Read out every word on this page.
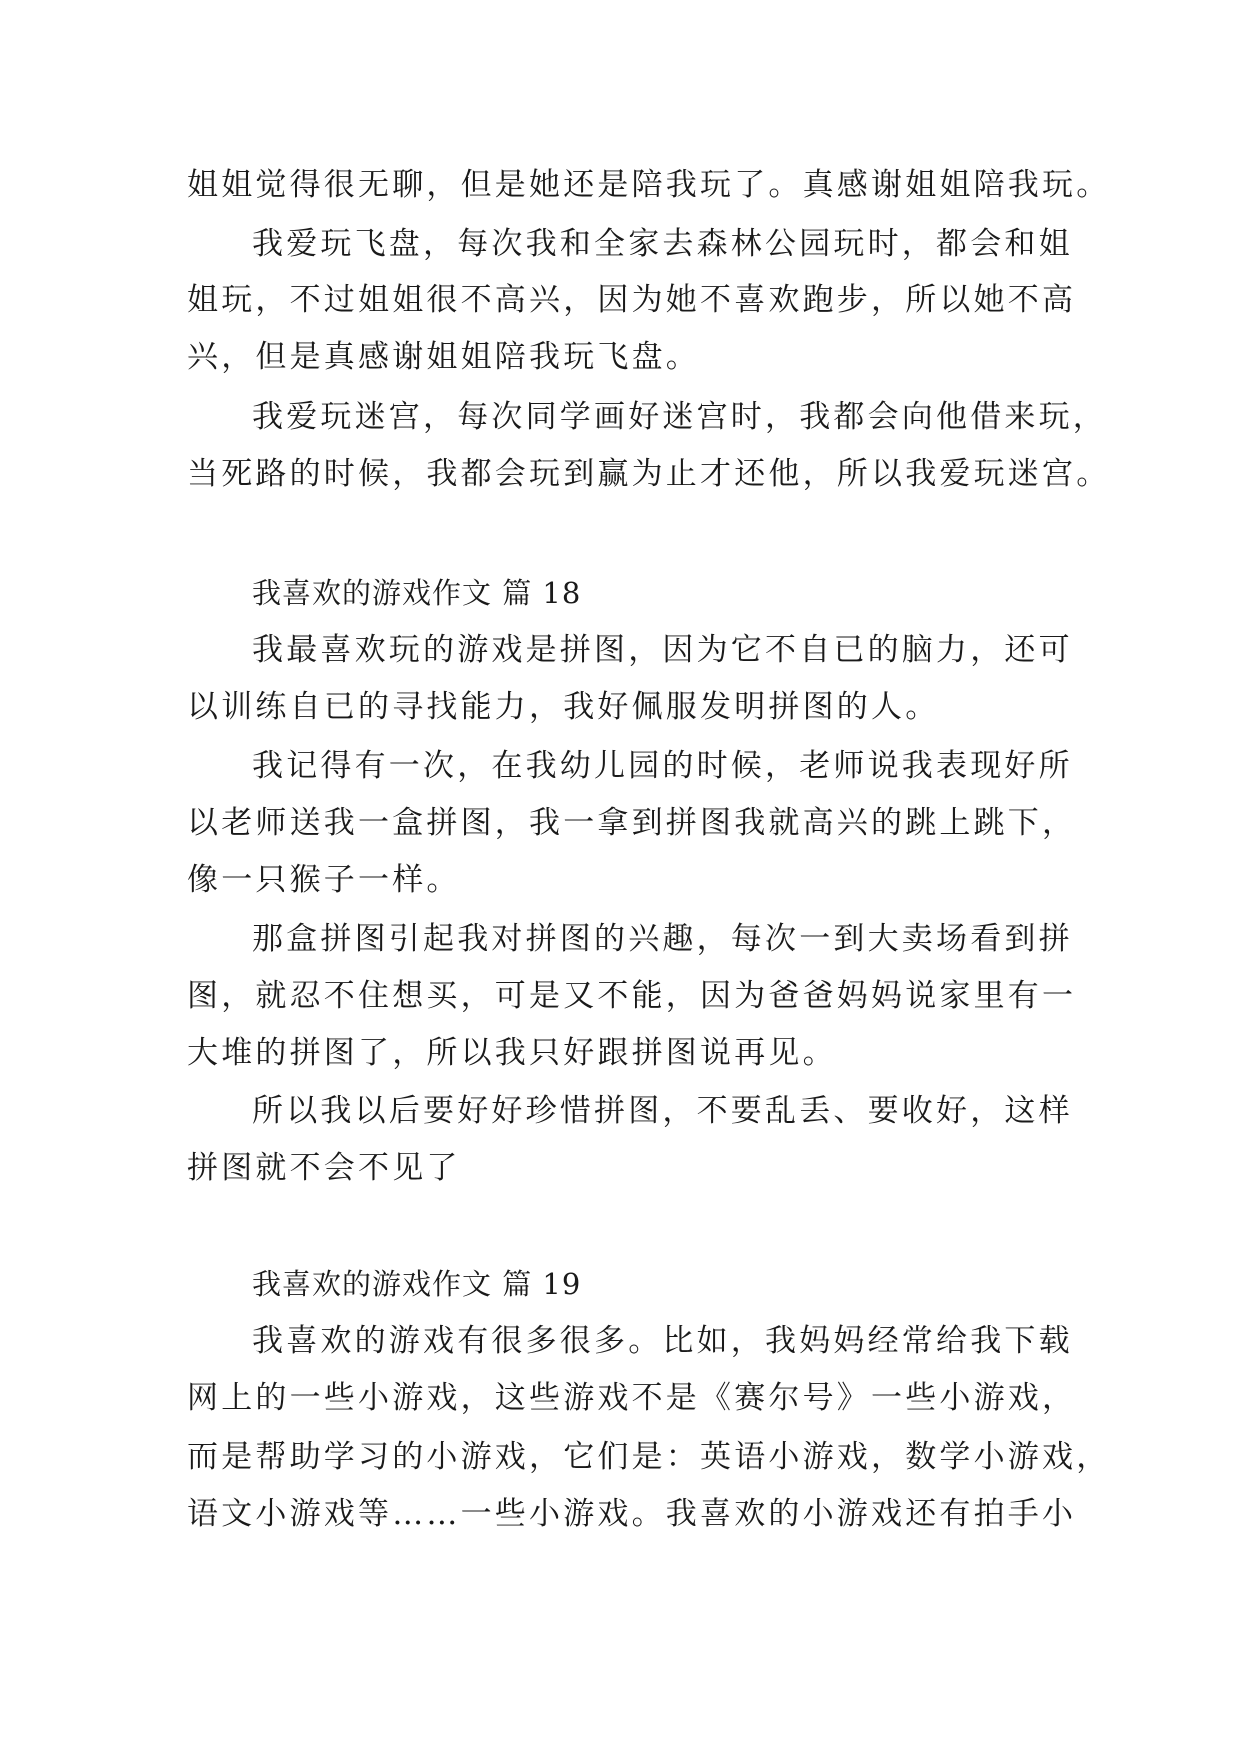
姐姐觉得很无聊，但是她还是陪我玩了。真感谢姐姐陪我玩。
我爱玩飞盘，每次我和全家去森林公园玩时，都会和姐
姐玩，不过姐姐很不高兴，因为她不喜欢跑步，所以她不高
兴，但是真感谢姐姐陪我玩飞盘。
我爱玩迷宫，每次同学画好迷宫时，我都会向他借来玩，
当死路的时候，我都会玩到赢为止才还他，所以我爱玩迷宫。
我喜欢的游戏作文 篇 18
我最喜欢玩的游戏是拼图，因为它不自已的脑力，还可
以训练自已的寻找能力，我好佩服发明拼图的人。
我记得有一次，在我幼儿园的时候，老师说我表现好所
以老师送我一盒拼图，我一拿到拼图我就高兴的跳上跳下，
像一只猴子一样。
那盒拼图引起我对拼图的兴趣，每次一到大卖场看到拼
图，就忍不住想买，可是又不能，因为爸爸妈妈说家里有一
大堆的拼图了，所以我只好跟拼图说再见。
所以我以后要好好珍惜拼图，不要乱丢、要收好，这样
拼图就不会不见了
我喜欢的游戏作文 篇 19
我喜欢的游戏有很多很多。比如，我妈妈经常给我下载
网上的一些小游戏，这些游戏不是《赛尔号》一些小游戏，
而是帮助学习的小游戏，它们是：英语小游戏，数学小游戏，
语文小游戏等……一些小游戏。我喜欢的小游戏还有拍手小
